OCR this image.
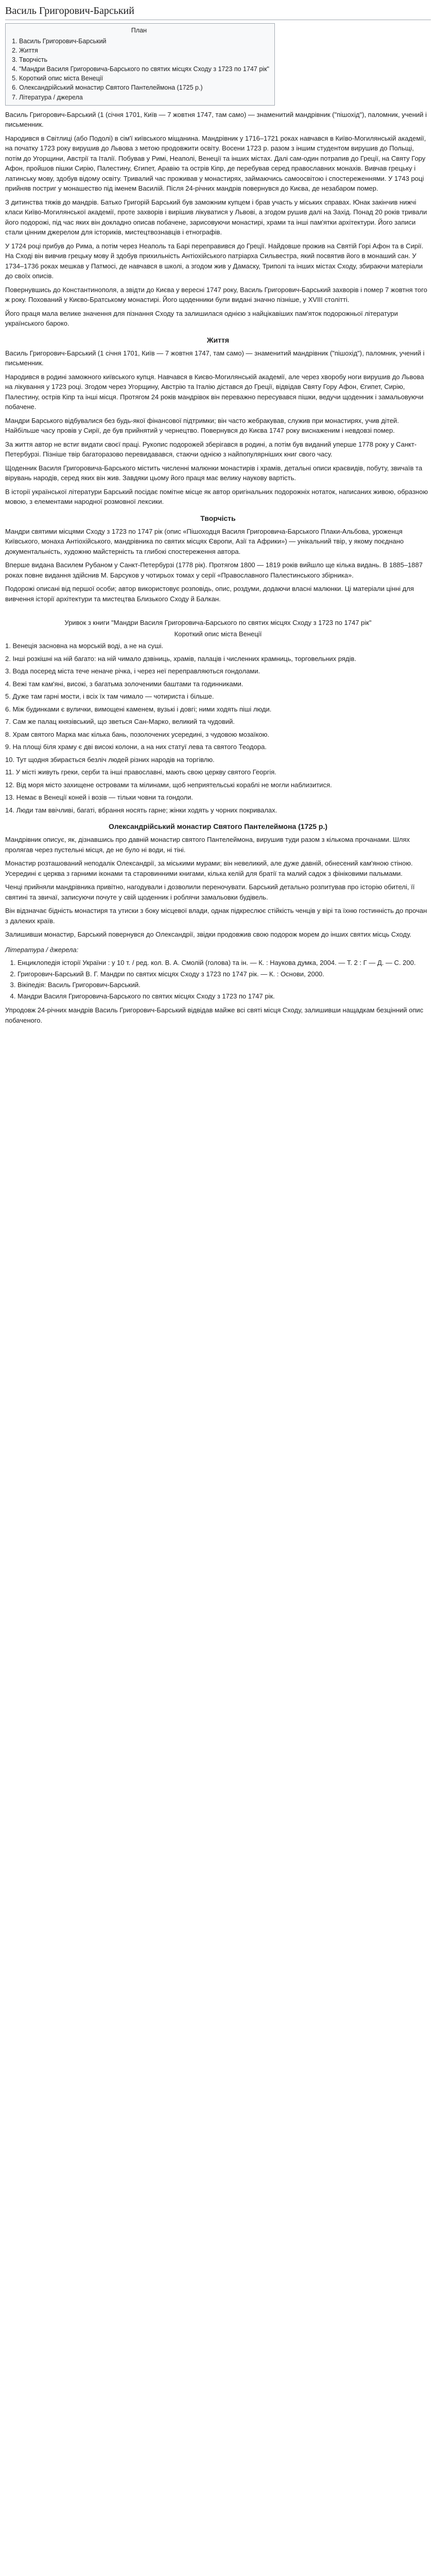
Василь Григорович-Барський
План
1. Василь Григорович-Барський
2. Життя
3. Творчість
4. "Мандри Василя Григоровича-Барського по святих місцях Сходу з 1723 по 1747 рік"
5. Короткий опис міста Венеції
6. Олександрійський монастир Святого Пантелеймона (1725 р.)
7. Література / джерела

Василь Григорович-Барський (1 (січня 1701, Київ — 7 жовтня 1747, там само) — знаменитий мандрівник ("пішохід"), паломник, учений і письменник.

Народився в Світлиці (або Подолі) в сім'ї київського міщанина. Мандрівник у 1716–1721 роках навчався в Київо-Могилянській академії, на початку 1723 року вирушив до Львова з метою продовжити освіту. Восени 1723 р. разом з іншим студентом вирушив до Польщі, потім до Угорщини, Австрії та Італії. Побував у Римі, Неаполі, Венеції та інших містах. Далі сам-один потрапив до Греції, на Святу Гору Афон, пройшов пішки Сирію, Палестину, Єгипет, Аравію та острів Кіпр, де перебував серед православних монахів. Вивчав грецьку і латинську мову, здобув відому освіту. Тривалий час проживав у монастирях, займаючись самоосвітою і спостереженнями. У 1743 році прийняв постриг у монашество під іменем Василій. Після 24-річних мандрів повернувся до Києва, де незабаром помер.

З дитинства тяжів до мандрів. Батько Григорій Барський був заможним купцем і брав участь у міських справах. Юнак закінчив нижчі класи Київо-Могилянської академії, проте захворів і вирішив лікуватися у Львові, а згодом рушив далі на Захід. Понад 20 років тривали його подорожі, під час яких він докладно описав побачене, зарисовуючи монастирі, храми та інші пам'ятки архітектури. Його записи стали цінним джерелом для істориків, мистецтвознавців і етнографів.

У 1724 році прибув до Рима, а потім через Неаполь та Барі переправився до Греції. Найдовше прожив на Святій Горі Афон та в Сирії. На Сході він вивчив грецьку мову й здобув прихильність Антіохійського патріарха Сильвестра, який посвятив його в монаший сан. У 1734–1736 роках мешкав у Патмосі, де навчався в школі, а згодом жив у Дамаску, Триполі та інших містах Сходу, збираючи матеріали до своїх описів.

Повернувшись до Константинополя, а звідти до Києва у вересні 1747 року, Василь Григорович-Барський захворів і помер 7 жовтня того ж року. Похований у Києво-Братському монастирі. Його щоденники були видані значно пізніше, у XVIII столітті.

Його праця мала велике значення для пізнання Сходу та залишилася однією з найцікавіших пам'яток подорожньої літератури українського бароко.

Життя

Василь Григорович-Барський (1 січня 1701, Київ — 7 жовтня 1747, там само) — знаменитий мандрівник ("пішохід"), паломник, учений і письменник.

Народився в родині заможного київського купця. Навчався в Києво-Могилянській академії, але через хворобу ноги вирушив до Львова на лікування у 1723 році. Згодом через Угорщину, Австрію та Італію дістався до Греції, відвідав Святу Гору Афон, Єгипет, Сирію, Палестину, острів Кіпр та інші місця. Протягом 24 років мандрівок він переважно пересувався пішки, ведучи щоденник і замальовуючи побачене.

Мандри Барського відбувалися без будь-якої фінансової підтримки; він часто жебракував, служив при монастирях, учив дітей. Найбільше часу провів у Сирії, де був прийнятий у чернецтво. Повернувся до Києва 1747 року виснаженим і невдовзі помер.

За життя автор не встиг видати своєї праці. Рукопис подорожей зберігався в родині, а потім був виданий уперше 1778 року у Санкт-Петербурзі. Пізніше твір багаторазово перевидавався, стаючи однією з найпопулярніших книг свого часу.

Щоденник Василя Григоровича-Барського містить численні малюнки монастирів і храмів, детальні описи краєвидів, побуту, звичаїв та вірувань народів, серед яких він жив. Завдяки цьому його праця має велику наукову вартість.

В історії української літератури Барський посідає помітне місце як автор оригінальних подорожніх нотаток, написаних живою, образною мовою, з елементами народної розмовної лексики.

Творчість

Мандри святими місцями Сходу з 1723 по 1747 рік (опис «Пішоходця Василя Григоровича-Барського Плаки-Альбова, уроженця Київського, монаха Антіохійського, мандрівника по святих місцях Європи, Азії та Африки») — унікальний твір, у якому поєднано документальність, художню майстерність та глибокі спостереження автора.

Вперше видана Василем Рубаном у Санкт-Петербурзі (1778 рік). Протягом 1800 — 1819 років вийшло ще кілька видань. В 1885–1887 роках повне видання здійснив М. Барсуков у чотирьох томах у серії «Православного Палестинського збірника».

Подорожі описані від першої особи; автор використовує розповідь, опис, роздуми, додаючи власні малюнки. Ці матеріали цінні для вивчення історії архітектури та мистецтва Близького Сходу й Балкан.

Уривок з книги "Мандри Василя Григоровича-Барського по святих місцях Сходу з 1723 по 1747 рік"
Короткий опис міста Венеції

1. Венеція засновна на морській воді, а не на суші.

2. Інші розкішні на ній багато: на ній чимало дзвіниць, храмів, палаців і численних крамниць, торговельних рядів.

3. Вода посеред міста тече неначе річка, і через неї переправляються гондолами.

4. Вежі там кам'яні, високі, з багатьма золоченими баштами та годинниками.

5. Дуже там гарні мости, і всіх їх там чимало — чотириста і більше.

6. Між будинками є вулички, вимощені каменем, вузькі і довгі; ними ходять піші люди.

7. Сам же палац князівський, що зветься Сан-Марко, великий та чудовий.

8. Храм святого Марка має кілька бань, позолочених усередині, з чудовою мозаїкою.

9. На площі біля храму є дві високі колони, а на них статуї лева та святого Теодора.

10. Тут щодня збирається безліч людей різних народів на торгівлю.

11. У місті живуть греки, серби та інші православні, мають свою церкву святого Георгія.

12. Від моря місто захищене островами та мілинами, щоб неприятельські кораблі не могли наблизитися.

13. Немає в Венеції коней і возів — тільки човни та гондоли.

14. Люди там ввічливі, багаті, вбрання носять гарне; жінки ходять у чорних покривалах.

Олександрійський монастир Святого Пантелеймона (1725 р.)

Мандрівник описує, як, дізнавшись про давній монастир святого Пантелеймона, вирушив туди разом з кількома прочанами. Шлях пролягав через пустельні місця, де не було ні води, ні тіні.

Монастир розташований неподалік Олександрії, за міськими мурами; він невеликий, але дуже давній, обнесений кам'яною стіною. Усередині є церква з гарними іконами та старовинними книгами, кілька келій для братії та малий садок з фініковими пальмами.

Ченці прийняли мандрівника привітно, нагодували і дозволили переночувати. Барський детально розпитував про історію обителі, її святині та звичаї, записуючи почуте у свій щоденник і роблячи замальовки будівель.

Він відзначає бідність монастиря та утиски з боку місцевої влади, однак підкреслює стійкість ченців у вірі та їхню гостинність до прочан з далеких країв.

Залишивши монастир, Барський повернувся до Олександрії, звідки продовжив свою подорож морем до інших святих місць Сходу.

Література / джерела:
1. Енциклопедія історії України : у 10 т. / ред. кол. В. А. Смолій (голова) та ін. — К. : Наукова думка, 2004. — Т. 2 : Г — Д. — С. 200.
2. Григорович-Барський В. Г. Мандри по святих місцях Сходу з 1723 по 1747 рік. — К. : Основи, 2000.
3. Вікіпедія: Василь Григорович-Барський.
4. Мандри Василя Григоровича-Барського по святих місцях Сходу з 1723 по 1747 рік.

Упродовж 24-річних мандрів Василь Григорович-Барський відвідав майже всі святі місця Сходу, залишивши нащадкам безцінний опис побаченого.
